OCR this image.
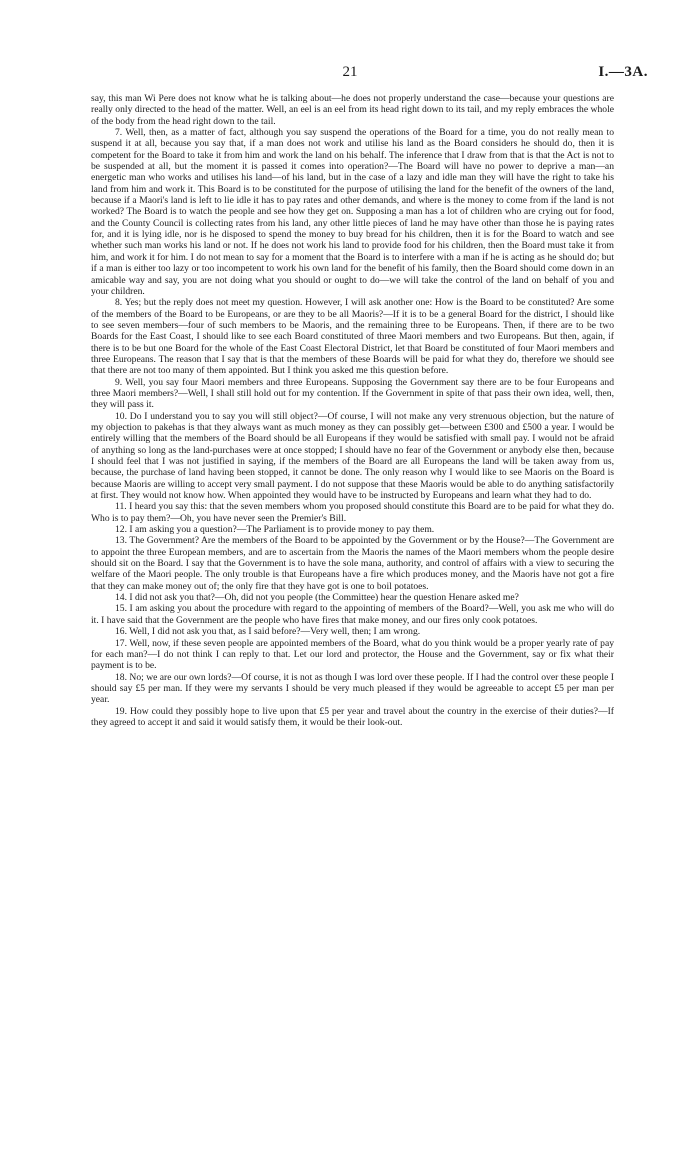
21	I.—3A.

say, this man Wi Pere does not know what he is talking about—he does not properly understand the case—because your questions are really only directed to the head of the matter. Well, an eel is an eel from its head right down to its tail, and my reply embraces the whole of the body from the head right down to the tail.

7. Well, then, as a matter of fact, although you say suspend the operations of the Board for a time, you do not really mean to suspend it at all, because you say that, if a man does not work and utilise his land as the Board considers he should do, then it is competent for the Board to take it from him and work the land on his behalf. The inference that I draw from that is that the Act is not to be suspended at all, but the moment it is passed it comes into operation?—The Board will have no power to deprive a man—an energetic man who works and utilises his land—of his land, but in the case of a lazy and idle man they will have the right to take his land from him and work it. This Board is to be constituted for the purpose of utilising the land for the benefit of the owners of the land, because if a Maori's land is left to lie idle it has to pay rates and other demands, and where is the money to come from if the land is not worked? The Board is to watch the people and see how they get on. Supposing a man has a lot of children who are crying out for food, and the County Council is collecting rates from his land, any other little pieces of land he may have other than those he is paying rates for, and it is lying idle, nor is he disposed to spend the money to buy bread for his children, then it is for the Board to watch and see whether such man works his land or not. If he does not work his land to provide food for his children, then the Board must take it from him, and work it for him. I do not mean to say for a moment that the Board is to interfere with a man if he is acting as he should do; but if a man is either too lazy or too incompetent to work his own land for the benefit of his family, then the Board should come down in an amicable way and say, you are not doing what you should or ought to do—we will take the control of the land on behalf of you and your children.

8. Yes; but the reply does not meet my question. However, I will ask another one: How is the Board to be constituted? Are some of the members of the Board to be Europeans, or are they to be all Maoris?—If it is to be a general Board for the district, I should like to see seven members—four of such members to be Maoris, and the remaining three to be Europeans. Then, if there are to be two Boards for the East Coast, I should like to see each Board constituted of three Maori members and two Europeans. But then, again, if there is to be but one Board for the whole of the East Coast Electoral District, let that Board be constituted of four Maori members and three Europeans. The reason that I say that is that the members of these Boards will be paid for what they do, therefore we should see that there are not too many of them appointed. But I think you asked me this question before.

9. Well, you say four Maori members and three Europeans. Supposing the Government say there are to be four Europeans and three Maori members?—Well, I shall still hold out for my contention. If the Government in spite of that pass their own idea, well, then, they will pass it.

10. Do I understand you to say you will still object?—Of course, I will not make any very strenuous objection, but the nature of my objection to pakehas is that they always want as much money as they can possibly get—between £300 and £500 a year. I would be entirely willing that the members of the Board should be all Europeans if they would be satisfied with small pay. I would not be afraid of anything so long as the land-purchases were at once stopped; I should have no fear of the Government or anybody else then, because I should feel that I was not justified in saying, if the members of the Board are all Europeans the land will be taken away from us, because, the purchase of land having been stopped, it cannot be done. The only reason why I would like to see Maoris on the Board is because Maoris are willing to accept very small payment. I do not suppose that these Maoris would be able to do anything satisfactorily at first. They would not know how. When appointed they would have to be instructed by Europeans and learn what they had to do.

11. I heard you say this: that the seven members whom you proposed should constitute this Board are to be paid for what they do. Who is to pay them?—Oh, you have never seen the Premier's Bill.

12. I am asking you a question?—The Parliament is to provide money to pay them.

13. The Government? Are the members of the Board to be appointed by the Government or by the House?—The Government are to appoint the three European members, and are to ascertain from the Maoris the names of the Maori members whom the people desire should sit on the Board. I say that the Government is to have the sole mana, authority, and control of affairs with a view to securing the welfare of the Maori people. The only trouble is that Europeans have a fire which produces money, and the Maoris have not got a fire that they can make money out of; the only fire that they have got is one to boil potatoes.

14. I did not ask you that?—Oh, did not you people (the Committee) hear the question Henare asked me?

15. I am asking you about the procedure with regard to the appointing of members of the Board?—Well, you ask me who will do it. I have said that the Government are the people who have fires that make money, and our fires only cook potatoes.

16. Well, I did not ask you that, as I said before?—Very well, then; I am wrong.

17. Well, now, if these seven people are appointed members of the Board, what do you think would be a proper yearly rate of pay for each man?—I do not think I can reply to that. Let our lord and protector, the House and the Government, say or fix what their payment is to be.

18. No; we are our own lords?—Of course, it is not as though I was lord over these people. If I had the control over these people I should say £5 per man. If they were my servants I should be very much pleased if they would be agreeable to accept £5 per man per year.

19. How could they possibly hope to live upon that £5 per year and travel about the country in the exercise of their duties?—If they agreed to accept it and said it would satisfy them, it would be their look-out.
